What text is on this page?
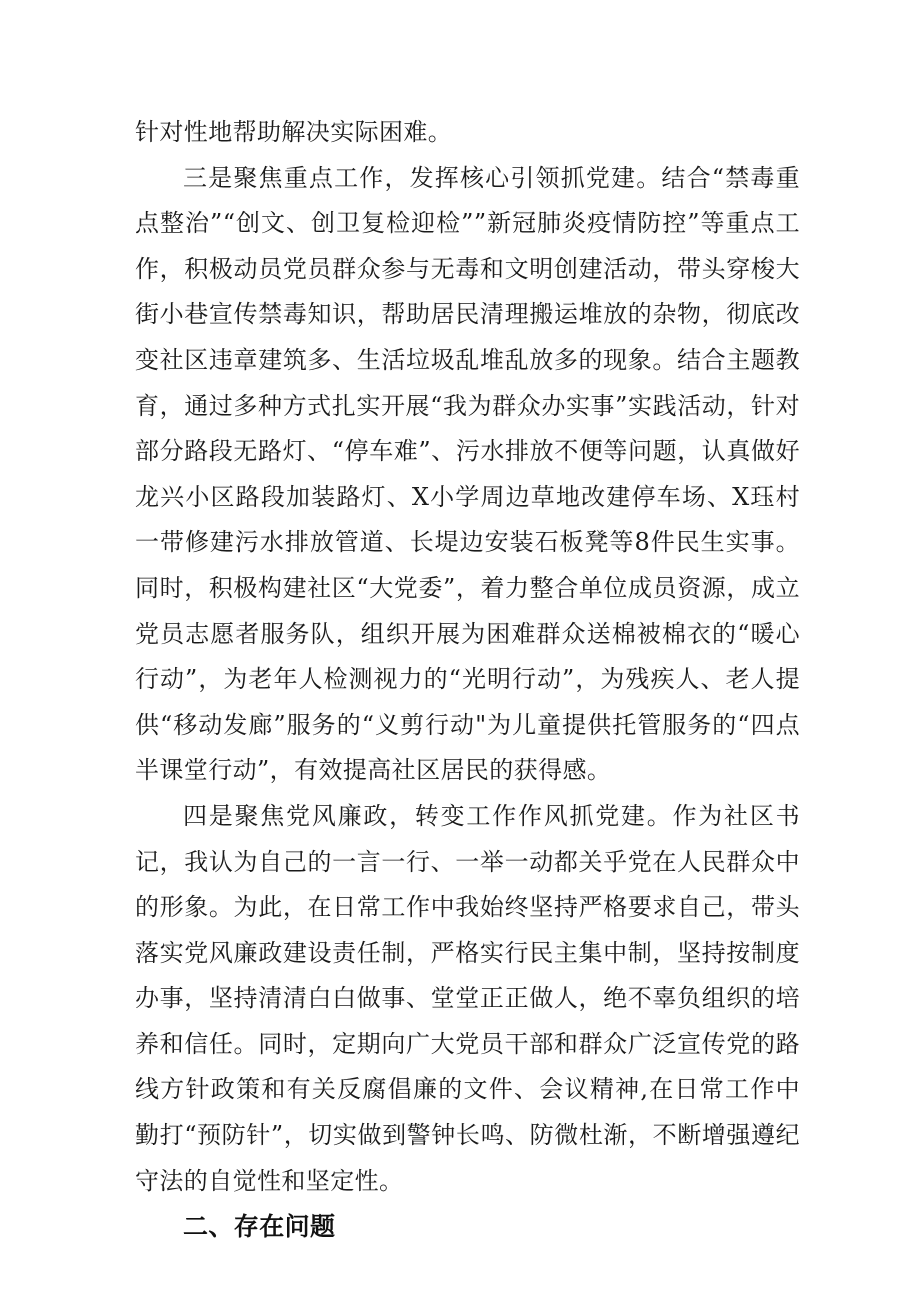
针对性地帮助解决实际困难。

三是聚焦重点工作，发挥核心引领抓党建。结合“禁毒重点整治”“创文、创卫复检迎检””新冠肺炎疫情防控”等重点工作，积极动员党员群众参与无毒和文明创建活动，带头穿梭大街小巷宣传禁毒知识，帮助居民清理搬运堆放的杂物，彻底改变社区违章建筑多、生活垃圾乱堆乱放多的现象。结合主题教育，通过多种方式扎实开展“我为群众办实事”实践活动，针对部分路段无路灯、“停车难”、污水排放不便等问题，认真做好龙兴小区路段加装路灯、X小学周边草地改建停车场、X珏村一带修建污水排放管道、长堤边安装石板凳等8件民生实事。同时，积极构建社区“大党委”，着力整合单位成员资源，成立党员志愿者服务队，组织开展为困难群众送棉被棉衣的“暖心行动”，为老年人检测视力的“光明行动”，为残疾人、老人提供“移动发廊”服务的“义剪行动"为儿童提供托管服务的“四点半课堂行动”，有效提高社区居民的获得感。

四是聚焦党风廉政，转变工作作风抓党建。作为社区书记，我认为自己的一言一行、一举一动都关乎党在人民群众中的形象。为此，在日常工作中我始终坚持严格要求自己，带头落实党风廉政建设责任制，严格实行民主集中制，坚持按制度办事，坚持清清白白做事、堂堂正正做人，绝不辜负组织的培养和信任。同时，定期向广大党员干部和群众广泛宣传党的路线方针政策和有关反腐倡廉的文件、会议精神,在日常工作中勤打“预防针”，切实做到警钟长鸣、防微杜渐，不断增强遵纪守法的自觉性和坚定性。

二、存在问题
